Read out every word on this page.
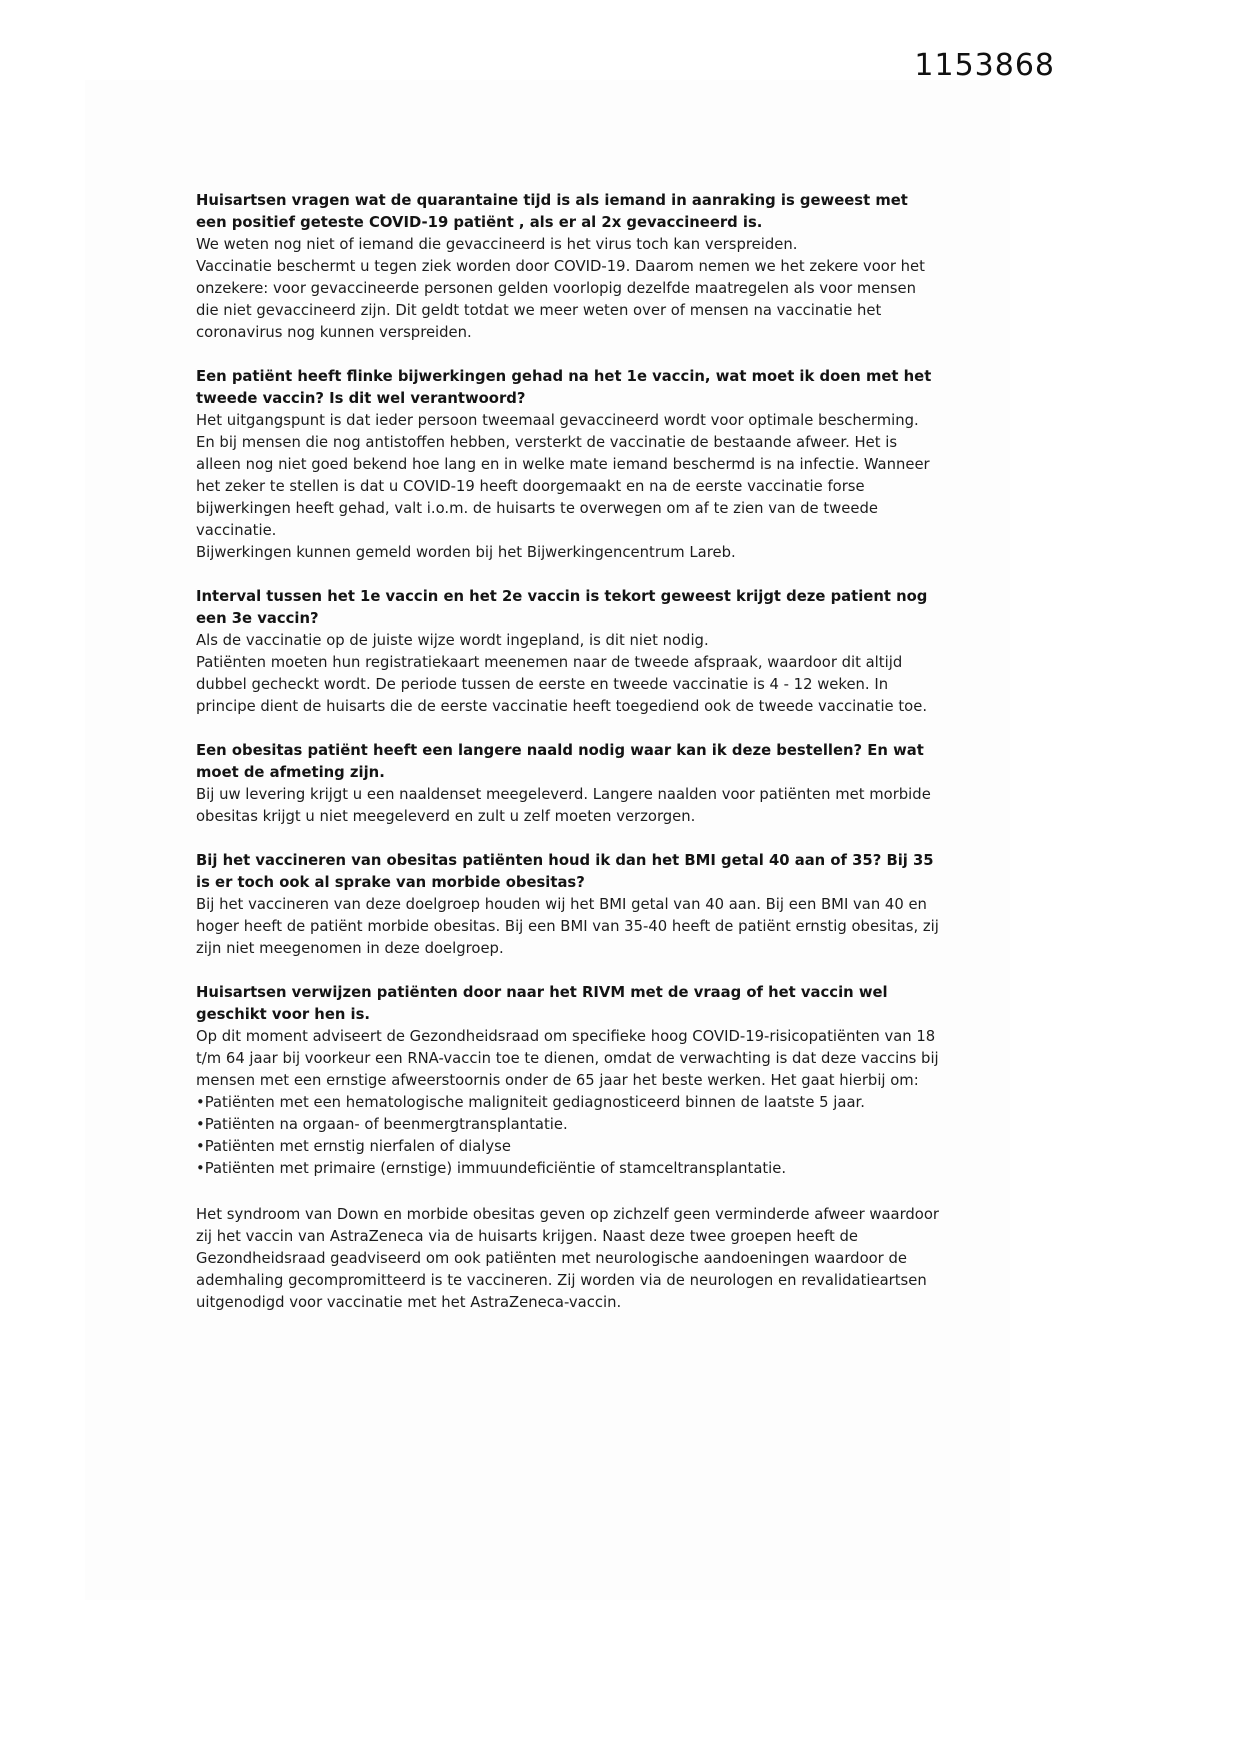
1153868
Huisartsen vragen wat de quarantaine tijd is als iemand in aanraking is geweest met een positief geteste COVID-19 patiënt , als er al 2x gevaccineerd is.

We weten nog niet of iemand die gevaccineerd is het virus toch kan verspreiden.

Vaccinatie beschermt u tegen ziek worden door COVID-19. Daarom nemen we het zekere voor het onzekere: voor gevaccineerde personen gelden voorlopig dezelfde maatregelen als voor mensen die niet gevaccineerd zijn. Dit geldt totdat we meer weten over of mensen na vaccinatie het coronavirus nog kunnen verspreiden.

Een patiënt heeft flinke bijwerkingen gehad na het 1e vaccin, wat moet ik doen met het tweede vaccin? Is dit wel verantwoord?

Het uitgangspunt is dat ieder persoon tweemaal gevaccineerd wordt voor optimale bescherming. En bij mensen die nog antistoffen hebben, versterkt de vaccinatie de bestaande afweer. Het is alleen nog niet goed bekend hoe lang en in welke mate iemand beschermd is na infectie. Wanneer het zeker te stellen is dat u COVID-19 heeft doorgemaakt en na de eerste vaccinatie forse bijwerkingen heeft gehad, valt i.o.m. de huisarts te overwegen om af te zien van de tweede vaccinatie.

Bijwerkingen kunnen gemeld worden bij het Bijwerkingencentrum Lareb.

Interval tussen het 1e vaccin en het 2e vaccin is tekort geweest krijgt deze patient nog een 3e vaccin?

Als de vaccinatie op de juiste wijze wordt ingepland, is dit niet nodig.

Patiënten moeten hun registratiekaart meenemen naar de tweede afspraak, waardoor dit altijd dubbel gecheckt wordt. De periode tussen de eerste en tweede vaccinatie is 4 - 12 weken. In principe dient de huisarts die de eerste vaccinatie heeft toegediend ook de tweede vaccinatie toe.

Een obesitas patiënt heeft een langere naald nodig waar kan ik deze bestellen? En wat moet de afmeting zijn.

Bij uw levering krijgt u een naaldenset meegeleverd. Langere naalden voor patiënten met morbide obesitas krijgt u niet meegeleverd en zult u zelf moeten verzorgen.

Bij het vaccineren van obesitas patiënten houd ik dan het BMI getal 40 aan of 35? Bij 35 is er toch ook al sprake van morbide obesitas?

Bij het vaccineren van deze doelgroep houden wij het BMI getal van 40 aan. Bij een BMI van 40 en hoger heeft de patiënt morbide obesitas. Bij een BMI van 35-40 heeft de patiënt ernstig obesitas, zij zijn niet meegenomen in deze doelgroep.

Huisartsen verwijzen patiënten door naar het RIVM met de vraag of het vaccin wel geschikt voor hen is.

Op dit moment adviseert de Gezondheidsraad om specifieke hoog COVID-19-risicopatiënten van 18 t/m 64 jaar bij voorkeur een RNA-vaccin toe te dienen, omdat de verwachting is dat deze vaccins bij mensen met een ernstige afweerstoornis onder de 65 jaar het beste werken. Het gaat hierbij om:

• Patiënten met een hematologische maligniteit gediagnosticeerd binnen de laatste 5 jaar.

• Patiënten na orgaan- of beenmergtransplantatie.

• Patiënten met ernstig nierfalen of dialyse

• Patiënten met primaire (ernstige) immuundeficiëntie of stamceltransplantatie.

Het syndroom van Down en morbide obesitas geven op zichzelf geen verminderde afweer waardoor zij het vaccin van AstraZeneca via de huisarts krijgen. Naast deze twee groepen heeft de Gezondheidsraad geadviseerd om ook patiënten met neurologische aandoeningen waardoor de ademhaling gecompromitteerd is te vaccineren. Zij worden via de neurologen en revalidatieartsen uitgenodigd voor vaccinatie met het AstraZeneca-vaccin.
